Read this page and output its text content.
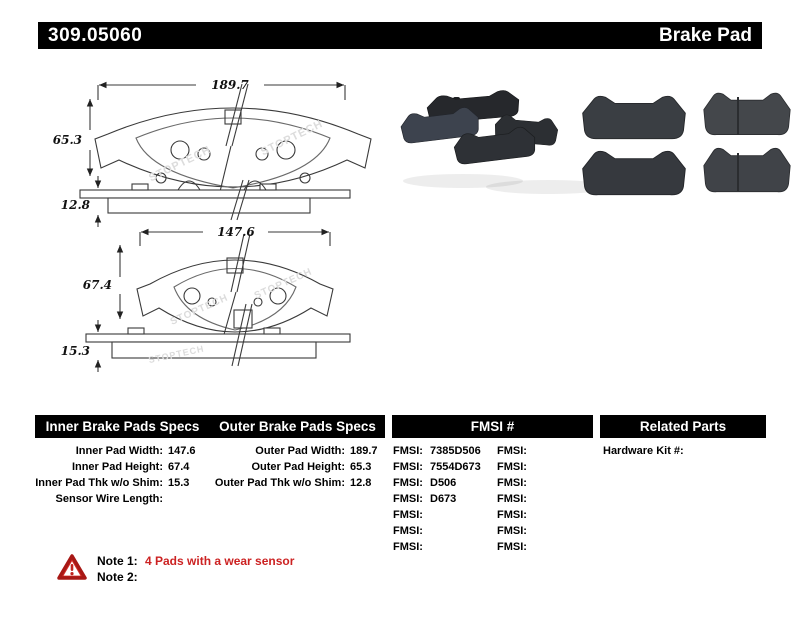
309.05060	Brake Pad
STOPTECH
STOPTECH
189.7
65.3
12.8
STOPTECH
STOPTECH
147.6
67.4
STOPTECH
15.3
Inner Brake Pads Specs	Outer Brake Pads Specs	FMSI #	Related Parts
Inner Pad Width: 147.6
Inner Pad Height: 67.4
Inner Pad Thk w/o Shim: 15.3
Sensor Wire Length:
Outer Pad Width: 189.7
Outer Pad Height: 65.3
Outer Pad Thk w/o Shim: 12.8
FMSI: 7385D506
FMSI: 7554D673
FMSI: D506
FMSI: D673
FMSI:
FMSI:
FMSI:
FMSI:
FMSI:
FMSI:
FMSI:
FMSI:
FMSI:
FMSI:
Hardware Kit #:
Note 1: 4 Pads with a wear sensor
Note 2:
